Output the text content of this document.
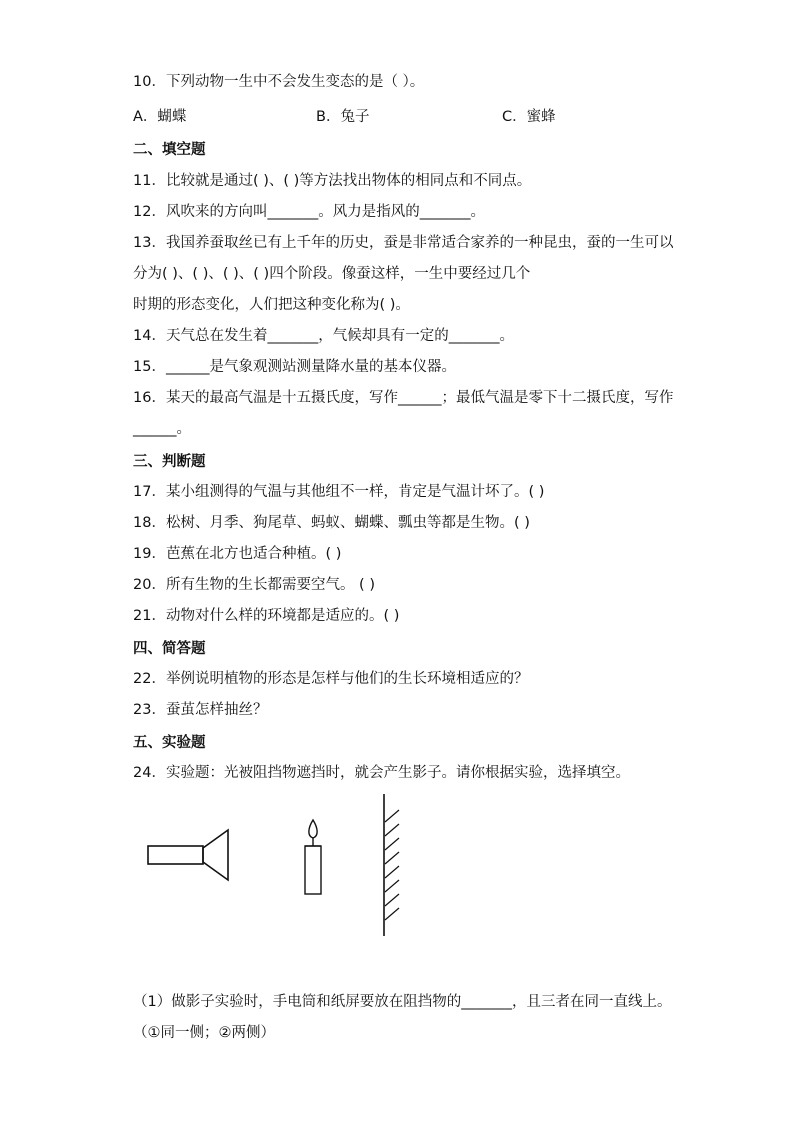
10．下列动物一生中不会发生变态的是（ ）。
A．蝴蝶	B．兔子	C．蜜蜂
二、填空题
11．比较就是通过( )、( )等方法找出物体的相同点和不同点。
12．风吹来的方向叫_______。风力是指风的_______。
13．我国养蚕取丝已有上千年的历史，蚕是非常适合家养的一种昆虫，蚕的一生可以
分为( )、( )、( )、( )四个阶段。像蚕这样，一生中要经过几个
时期的形态变化，人们把这种变化称为( )。
14．天气总在发生着_______，气候却具有一定的_______。
15．______是气象观测站测量降水量的基本仪器。
16．某天的最高气温是十五摄氏度，写作______；最低气温是零下十二摄氏度，写作
______。
三、判断题
17．某小组测得的气温与其他组不一样，肯定是气温计坏了。( )
18．松树、月季、狗尾草、蚂蚁、蝴蝶、瓢虫等都是生物。( )
19．芭蕉在北方也适合种植。( )
20．所有生物的生长都需要空气。 ( )
21．动物对什么样的环境都是适应的。( )
四、简答题
22．举例说明植物的形态是怎样与他们的生长环境相适应的？
23．蚕茧怎样抽丝？
五、实验题
24．实验题：光被阻挡物遮挡时，就会产生影子。请你根据实验，选择填空。
（1）做影子实验时，手电筒和纸屏要放在阻挡物的_______，且三者在同一直线上。
（①同一侧；②两侧）
